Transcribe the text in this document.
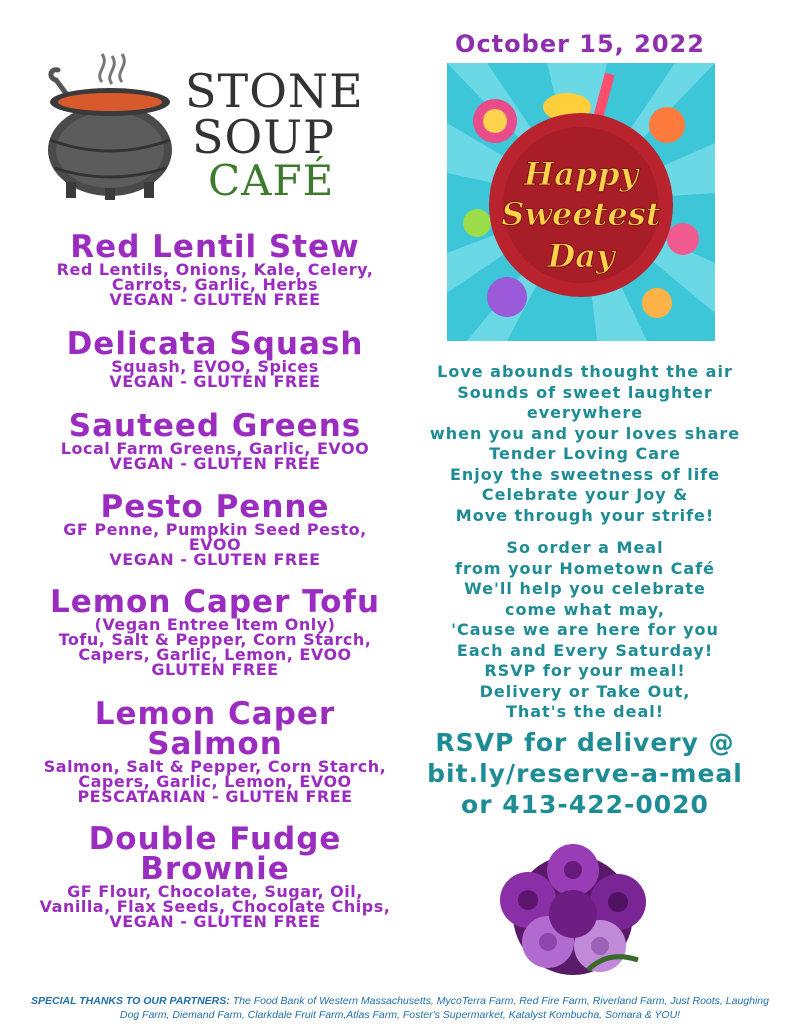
STONE
SOUP
CAFÉ
Red Lentil Stew

Red Lentils, Onions, Kale, Celery,

Carrots, Garlic, Herbs

VEGAN - GLUTEN FREE

Delicata Squash

Squash, EVOO, Spices

VEGAN - GLUTEN FREE

Sauteed Greens

Local Farm Greens, Garlic, EVOO

VEGAN - GLUTEN FREE

Pesto Penne

GF Penne, Pumpkin Seed Pesto,

EVOO

VEGAN - GLUTEN FREE

Lemon Caper Tofu

(Vegan Entree Item Only)

Tofu, Salt & Pepper, Corn Starch,

Capers, Garlic, Lemon, EVOO

GLUTEN FREE

Lemon Caper Salmon

Salmon, Salt & Pepper, Corn Starch,

Capers, Garlic, Lemon, EVOO

PESCATARIAN - GLUTEN FREE

Double Fudge Brownie

GF Flour, Chocolate, Sugar, Oil,

Vanilla, Flax Seeds, Chocolate Chips,

VEGAN - GLUTEN FREE

October 15, 2022
Happy
Sweetest
Day
Love abounds thought the air
Sounds of sweet laughter
everywhere
when you and your loves share
Tender Loving Care
Enjoy the sweetness of life
Celebrate your Joy &
Move through your strife!
So order a Meal
from your Hometown Café
We'll help you celebrate
come what may,
'Cause we are here for you
Each and Every Saturday!
RSVP for your meal!
Delivery or Take Out,
That's the deal!
RSVP for delivery @
bit.ly/reserve-a-meal
or 413-422-0020
SPECIAL THANKS TO OUR PARTNERS: The Food Bank of Western Massachusetts, MycoTerra Farm, Red Fire Farm, Riverland Farm, Just Roots, Laughing Dog Farm, Diemand Farm, Clarkdale Fruit Farm,Atlas Farm, Foster's Supermarket, Katalyst Kombucha, Somara & YOU!
